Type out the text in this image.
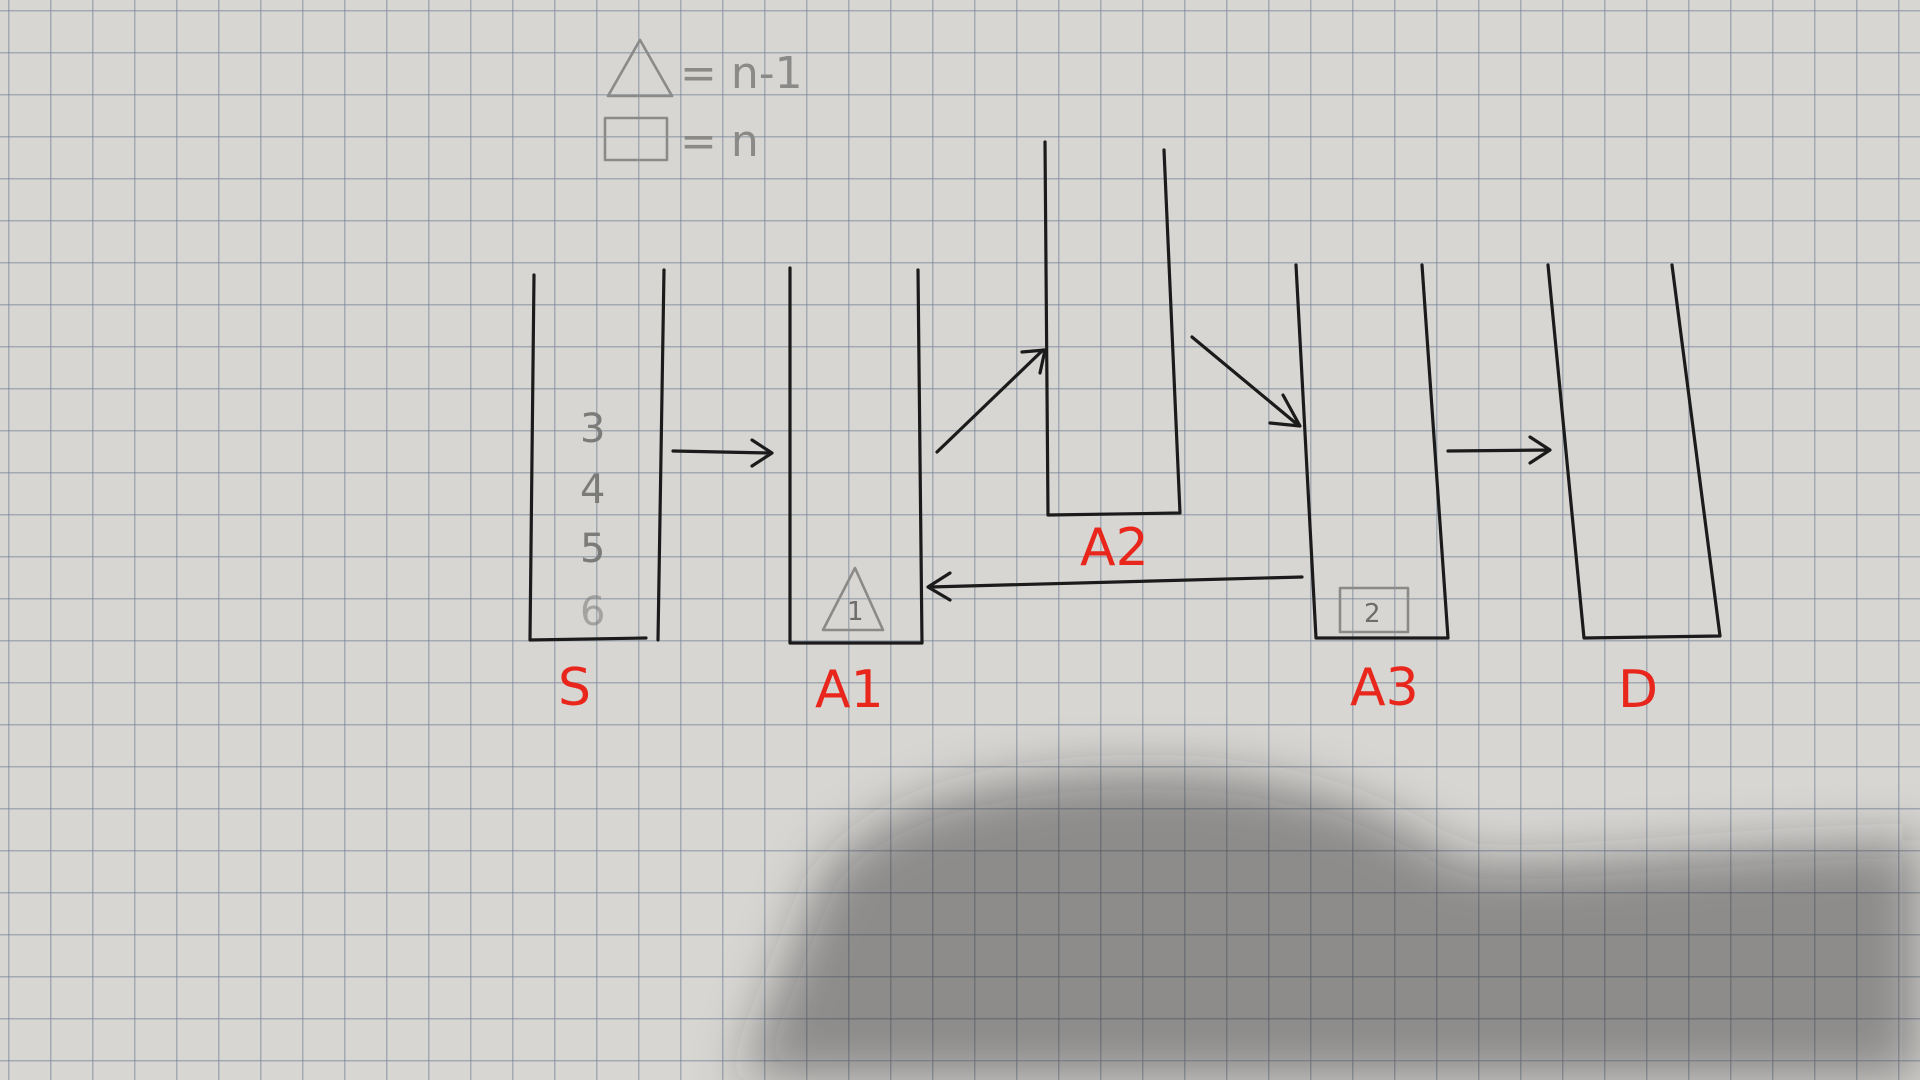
= n-1
= n
3
4
5
6
S
1
A1
A2
2
A3	D
